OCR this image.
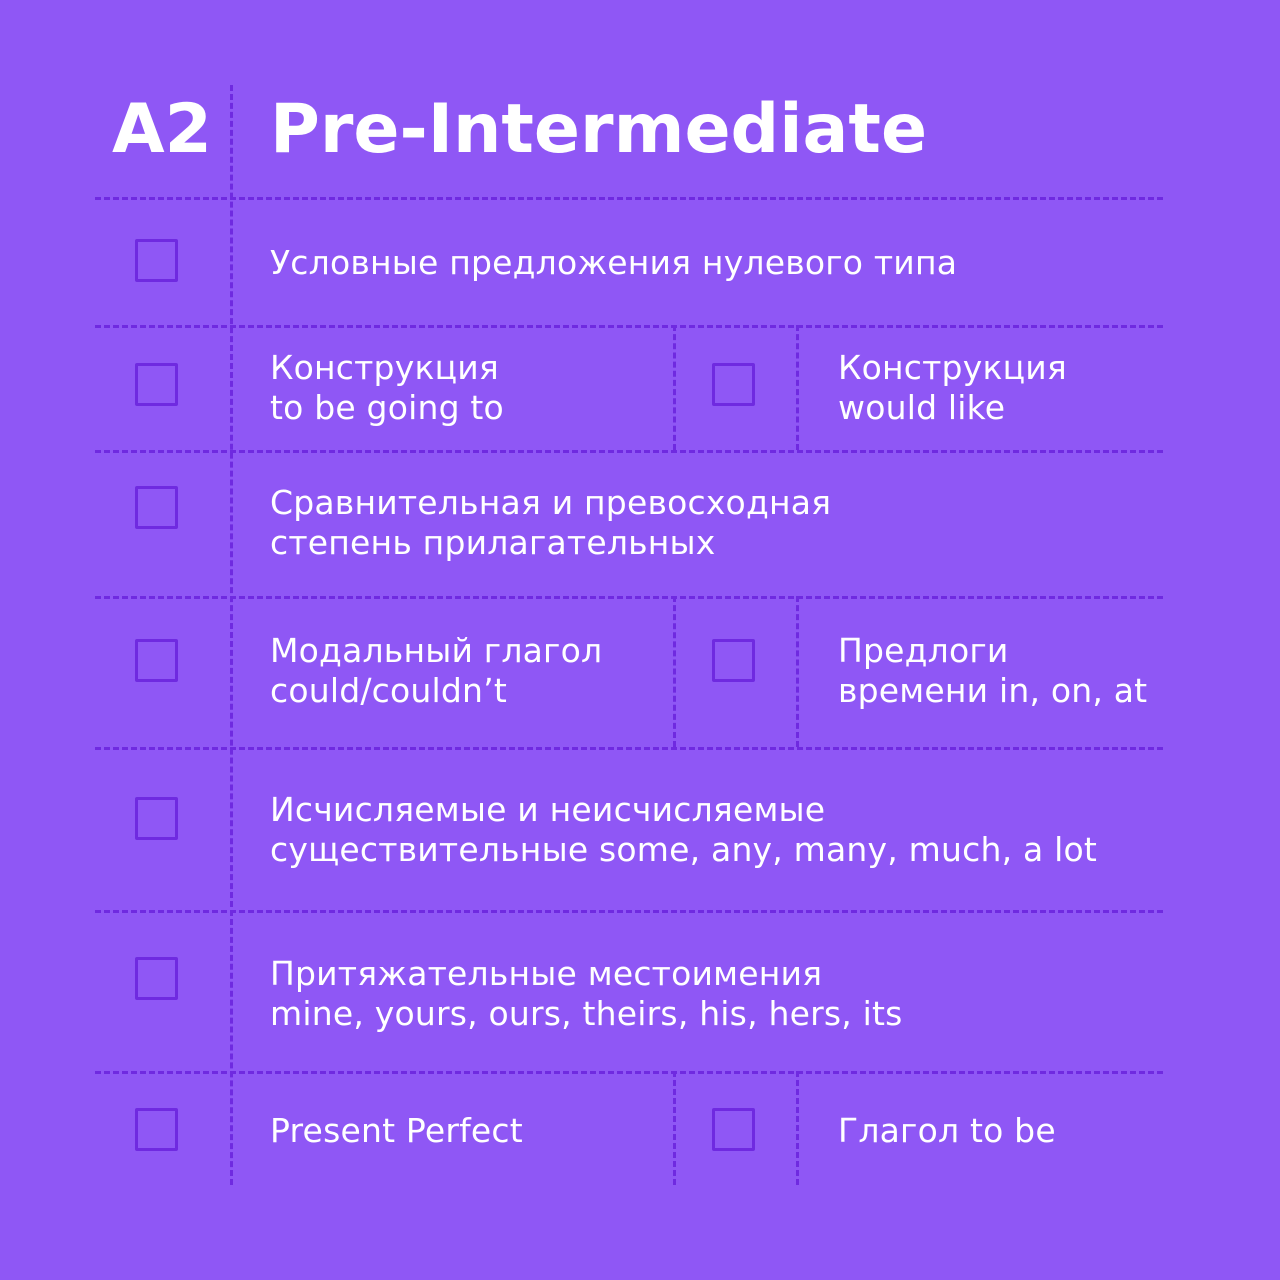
A2 Pre-Intermediate
Условные предложения нулевого типа
Конструкция
to be going to
Конструкция
would like
Сравнительная и превосходная
степень прилагательных
Модальный глагол
could/couldn’t
Предлоги
времени in, on, at
Исчисляемые и неисчисляемые
существительные some, any, many, much, a lot
Притяжательные местоимения
mine, yours, ours, theirs, his, hers, its
Present Perfect	Глагол to be
